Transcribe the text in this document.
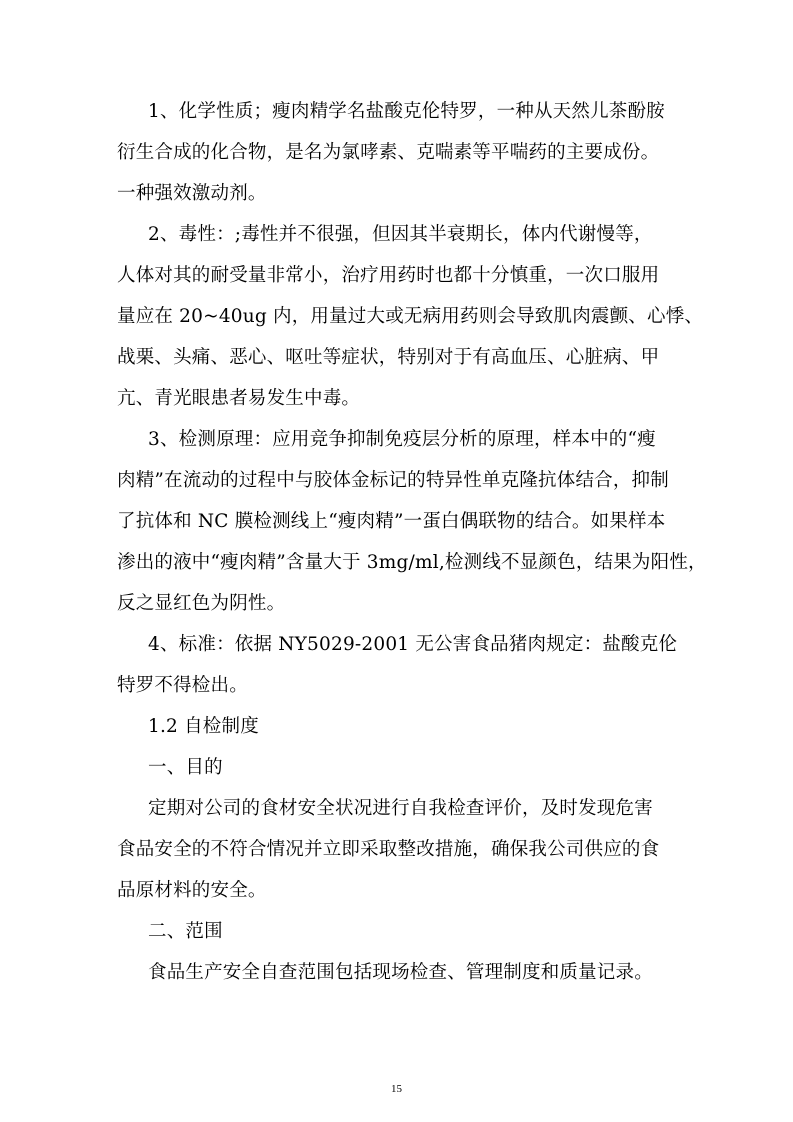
1、化学性质；瘦肉精学名盐酸克伦特罗，一种从天然儿茶酚胺
衍生合成的化合物，是名为氯哮素、克喘素等平喘药的主要成份。
一种强效激动剂。
2、毒性：;毒性并不很强，但因其半衰期长，体内代谢慢等，
人体对其的耐受量非常小，治疗用药时也都十分慎重，一次口服用
量应在 20~40ug 内，用量过大或无病用药则会导致肌肉震颤、心悸、
战栗、头痛、恶心、呕吐等症状，特别对于有高血压、心脏病、甲
亢、青光眼患者易发生中毒。
3、检测原理：应用竞争抑制免疫层分析的原理，样本中的“瘦
肉精”在流动的过程中与胶体金标记的特异性单克隆抗体结合，抑制
了抗体和 NC 膜检测线上“瘦肉精”一蛋白偶联物的结合。如果样本
渗出的液中“瘦肉精”含量大于 3mg/ml,检测线不显颜色，结果为阳性，
反之显红色为阴性。
4、标准：依据 NY5029-2001 无公害食品猪肉规定：盐酸克伦
特罗不得检出。
1.2 自检制度
一、目的
定期对公司的食材安全状况进行自我检查评价，及时发现危害
食品安全的不符合情况并立即采取整改措施，确保我公司供应的食
品原材料的安全。
二、范围
食品生产安全自查范围包括现场检查、管理制度和质量记录。
15
